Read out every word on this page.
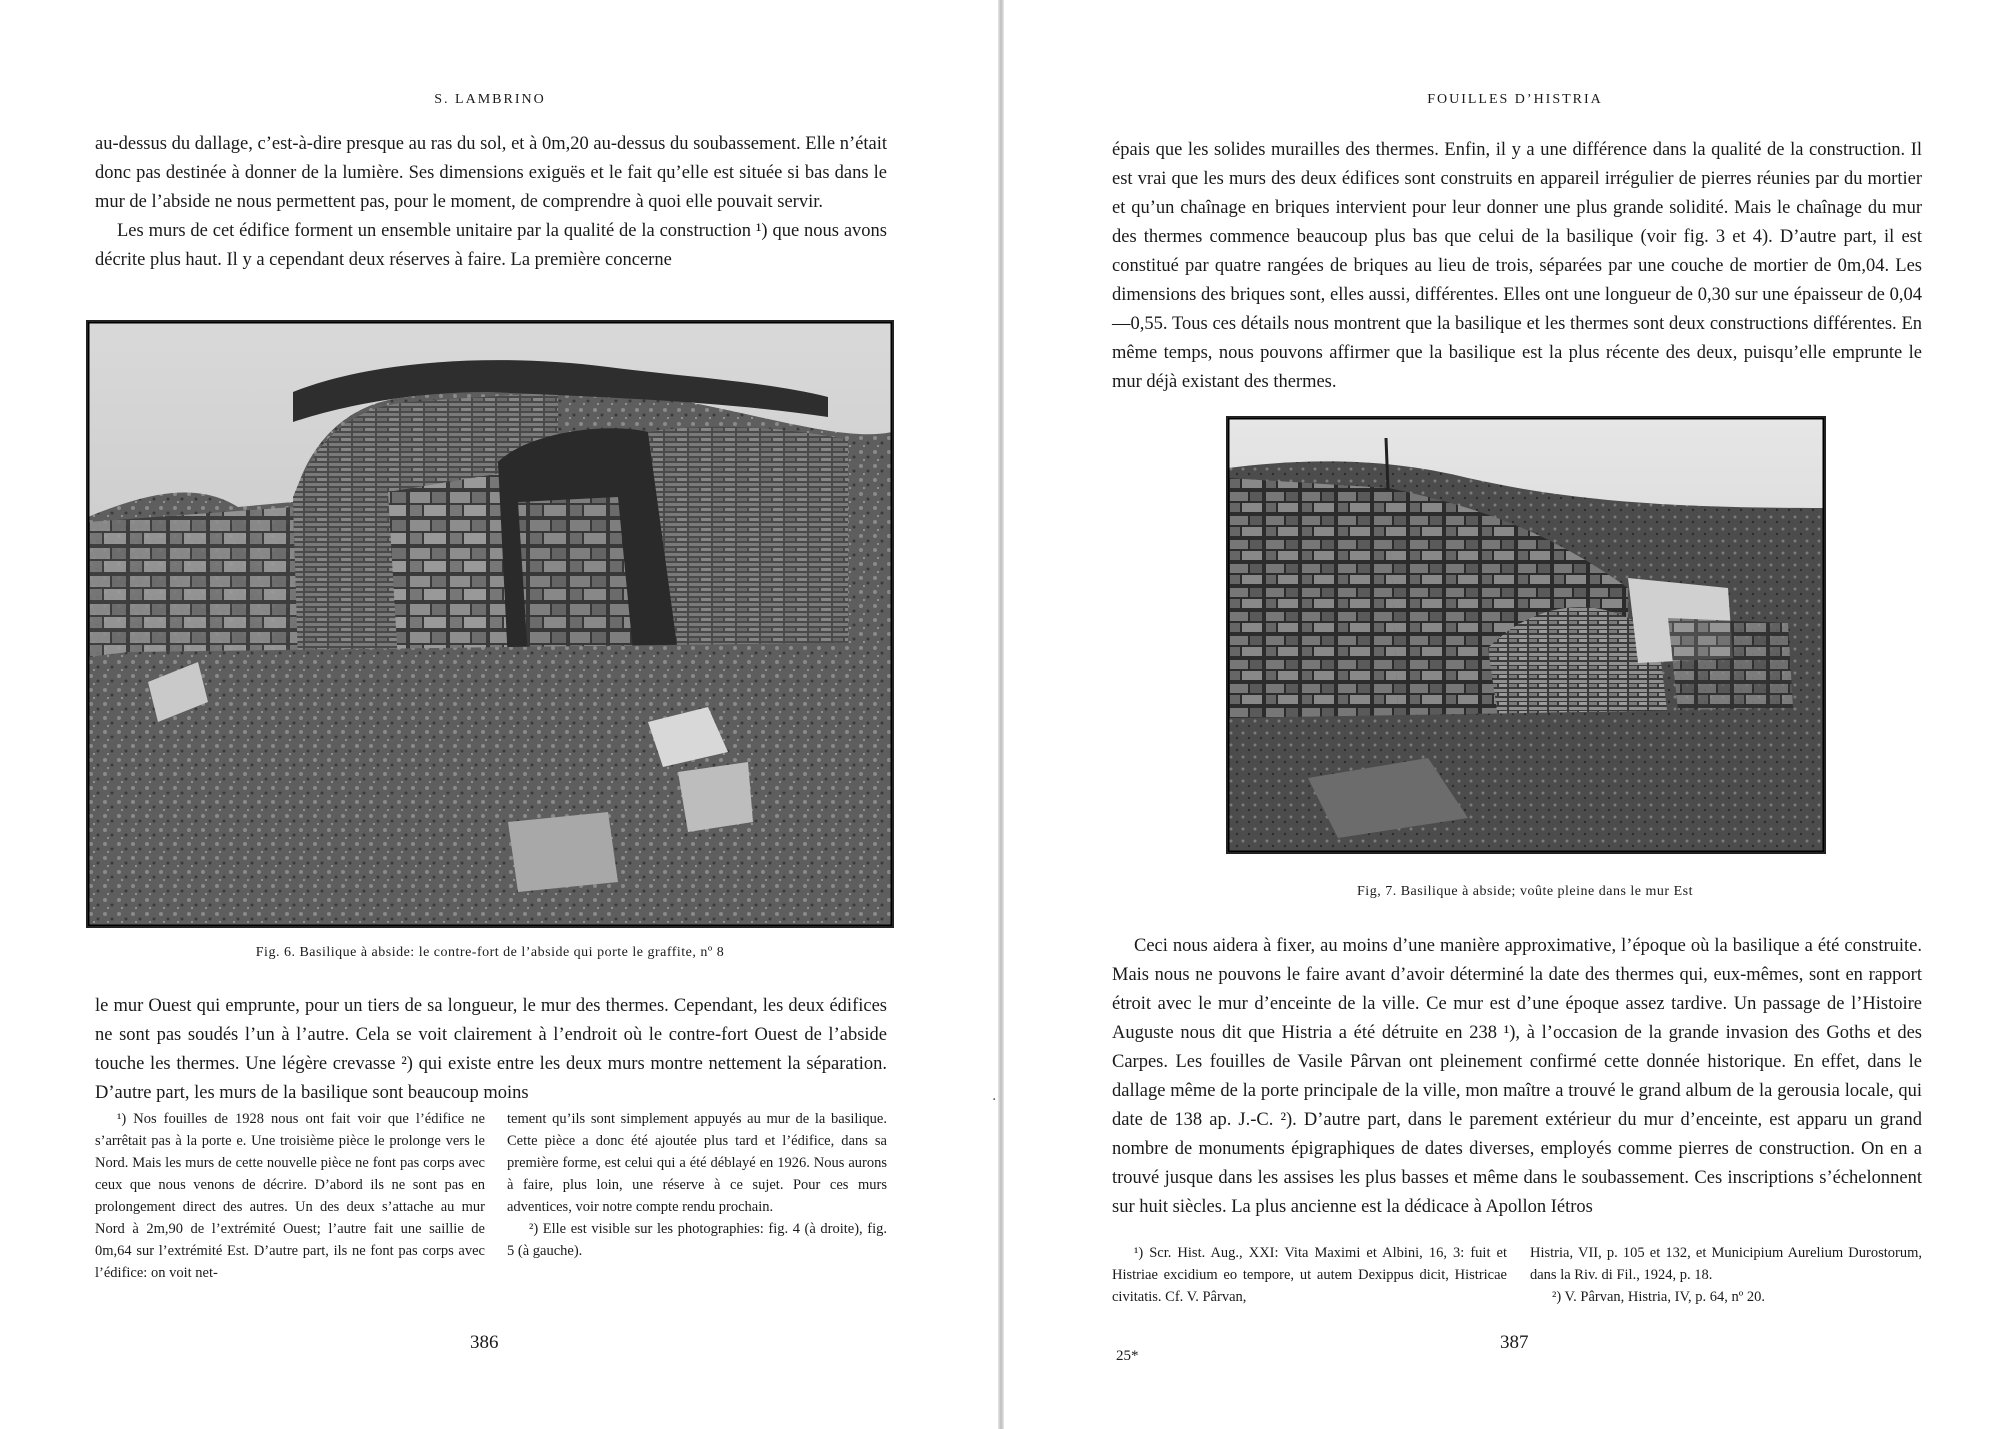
S. LAMBRINO

au-dessus du dallage, c’est-à-dire presque au ras du sol, et à 0m,20 au-dessus du soubassement. Elle n’était donc pas destinée à donner de la lumière. Ses dimensions exiguës et le fait qu’elle est située si bas dans le mur de l’abside ne nous permettent pas, pour le moment, de comprendre à quoi elle pouvait servir.

Les murs de cet édifice forment un ensemble unitaire par la qualité de la construction ¹) que nous avons décrite plus haut. Il y a cependant deux réserves à faire. La première concerne

Fig. 6. Basilique à abside: le contre-fort de l’abside qui porte le graffite, nº 8

le mur Ouest qui emprunte, pour un tiers de sa longueur, le mur des thermes. Cependant, les deux édifices ne sont pas soudés l’un à l’autre. Cela se voit clairement à l’endroit où le contre-fort Ouest de l’abside touche les thermes. Une légère crevasse ²) qui existe entre les deux murs montre nettement la séparation. D’autre part, les murs de la basilique sont beaucoup moins

¹) Nos fouilles de 1928 nous ont fait voir que l’édifice ne s’arrêtait pas à la porte e. Une troisième pièce le prolonge vers le Nord. Mais les murs de cette nouvelle pièce ne font pas corps avec ceux que nous venons de décrire. D’abord ils ne sont pas en prolongement direct des autres. Un des deux s’attache au mur Nord à 2m,90 de l’extrémité Ouest; l’autre fait une saillie de 0m,64 sur l’extrémité Est. D’autre part, ils ne font pas corps avec l’édifice: on voit net-

tement qu’ils sont simplement appuyés au mur de la basilique. Cette pièce a donc été ajoutée plus tard et l’édifice, dans sa première forme, est celui qui a été déblayé en 1926. Nous aurons à faire, plus loin, une réserve à ce sujet. Pour ces murs adventices, voir notre compte rendu prochain.

²) Elle est visible sur les photographies: fig. 4 (à droite), fig. 5 (à gauche).

386
·
FOUILLES D’HISTRIA

épais que les solides murailles des thermes. Enfin, il y a une différence dans la qualité de la construction. Il est vrai que les murs des deux édifices sont construits en appareil irrégulier de pierres réunies par du mortier et qu’un chaînage en briques intervient pour leur donner une plus grande solidité. Mais le chaînage du mur des thermes commence beaucoup plus bas que celui de la basilique (voir fig. 3 et 4). D’autre part, il est constitué par quatre rangées de briques au lieu de trois, séparées par une couche de mortier de 0m,04. Les dimensions des briques sont, elles aussi, différentes. Elles ont une longueur de 0,30 sur une épaisseur de 0,04—0,55. Tous ces détails nous montrent que la basilique et les thermes sont deux constructions différentes. En même temps, nous pouvons affirmer que la basilique est la plus récente des deux, puisqu’elle emprunte le mur déjà existant des thermes.

Fig, 7. Basilique à abside; voûte pleine dans le mur Est

Ceci nous aidera à fixer, au moins d’une manière approximative, l’époque où la basilique a été construite. Mais nous ne pouvons le faire avant d’avoir déterminé la date des thermes qui, eux-mêmes, sont en rapport étroit avec le mur d’enceinte de la ville. Ce mur est d’une époque assez tardive. Un passage de l’Histoire Auguste nous dit que Histria a été détruite en 238 ¹), à l’occasion de la grande invasion des Goths et des Carpes. Les fouilles de Vasile Pârvan ont pleinement confirmé cette donnée historique. En effet, dans le dallage même de la porte principale de la ville, mon maître a trouvé le grand album de la gerousia locale, qui date de 138 ap. J.-C. ²). D’autre part, dans le parement extérieur du mur d’enceinte, est apparu un grand nombre de monuments épigraphiques de dates diverses, employés comme pierres de construction. On en a trouvé jusque dans les assises les plus basses et même dans le soubassement. Ces inscriptions s’échelonnent sur huit siècles. La plus ancienne est la dédicace à Apollon Iétros

¹) Scr. Hist. Aug., XXI: Vita Maximi et Albini, 16, 3: fuit et Histriae excidium eo tempore, ut autem Dexippus dicit, Histricae civitatis. Cf. V. Pârvan,

Histria, VII, p. 105 et 132, et Municipium Aurelium Durostorum, dans la Riv. di Fil., 1924, p. 18.

²) V. Pârvan, Histria, IV, p. 64, nº 20.

25*
387
